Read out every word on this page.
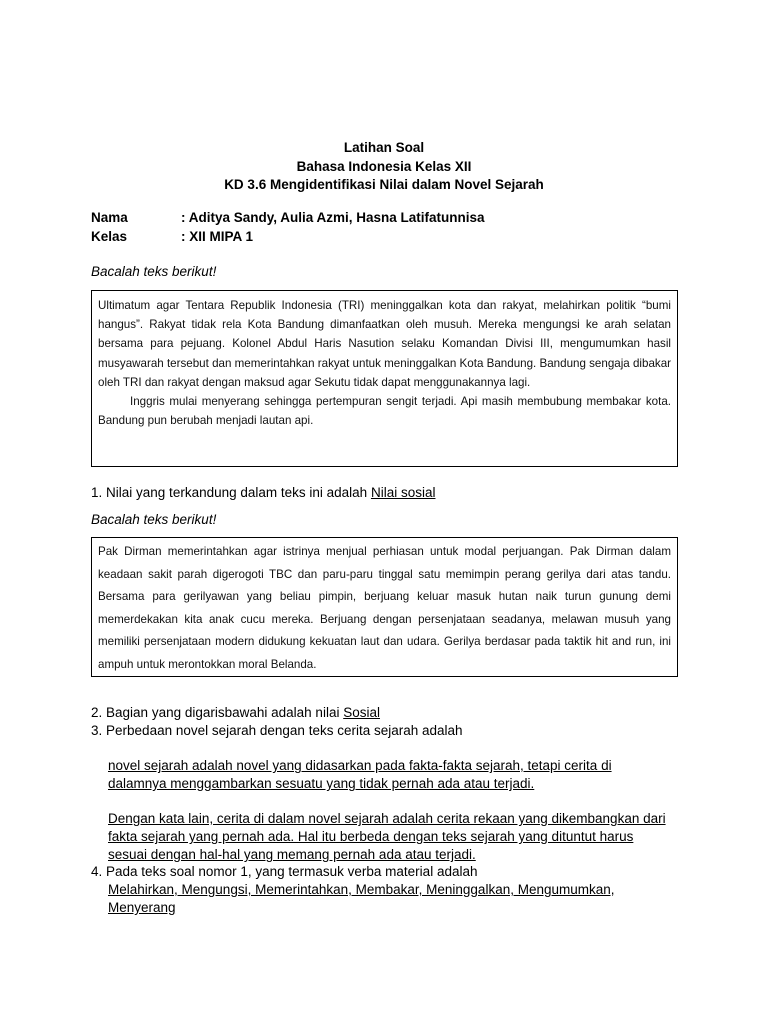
Latihan Soal
Bahasa Indonesia Kelas XII
KD 3.6 Mengidentifikasi Nilai dalam Novel Sejarah
Nama	: Aditya Sandy, Aulia Azmi, Hasna Latifatunnisa
Kelas	: XII MIPA 1
Bacalah teks berikut!

Ultimatum agar Tentara Republik Indonesia (TRI) meninggalkan kota dan rakyat, melahirkan politik “bumi hangus”. Rakyat tidak rela Kota Bandung dimanfaatkan oleh musuh. Mereka mengungsi ke arah selatan bersama para pejuang. Kolonel Abdul Haris Nasution selaku Komandan Divisi III, mengumumkan hasil musyawarah tersebut dan memerintahkan rakyat untuk meninggalkan Kota Bandung. Bandung sengaja dibakar oleh TRI dan rakyat dengan maksud agar Sekutu tidak dapat menggunakannya lagi.

Inggris mulai menyerang sehingga pertempuran sengit terjadi. Api masih membubung membakar kota. Bandung pun berubah menjadi lautan api.

1. Nilai yang terkandung dalam teks ini adalah Nilai sosial
Bacalah teks berikut!

Pak Dirman memerintahkan agar istrinya menjual perhiasan untuk modal perjuangan. Pak Dirman dalam keadaan sakit parah digerogoti TBC dan paru-paru tinggal satu memimpin perang gerilya dari atas tandu. Bersama para gerilyawan yang beliau pimpin, berjuang keluar masuk hutan naik turun gunung demi memerdekakan kita anak cucu mereka. Berjuang dengan persenjataan seadanya, melawan musuh yang memiliki persenjataan modern didukung kekuatan laut dan udara. Gerilya berdasar pada taktik hit and run, ini ampuh untuk merontokkan moral Belanda.

2. Bagian yang digarisbawahi adalah nilai Sosial
3. Perbedaan novel sejarah dengan teks cerita sejarah adalah
novel sejarah adalah novel yang didasarkan pada fakta-fakta sejarah, tetapi cerita di
dalamnya menggambarkan sesuatu yang tidak pernah ada atau terjadi.
Dengan kata lain, cerita di dalam novel sejarah adalah cerita rekaan yang dikembangkan dari
fakta sejarah yang pernah ada. Hal itu berbeda dengan teks sejarah yang dituntut harus
sesuai dengan hal-hal yang memang pernah ada atau terjadi.
4. Pada teks soal nomor 1, yang termasuk verba material adalah
Melahirkan, Mengungsi, Memerintahkan, Membakar, Meninggalkan, Mengumumkan,
Menyerang
